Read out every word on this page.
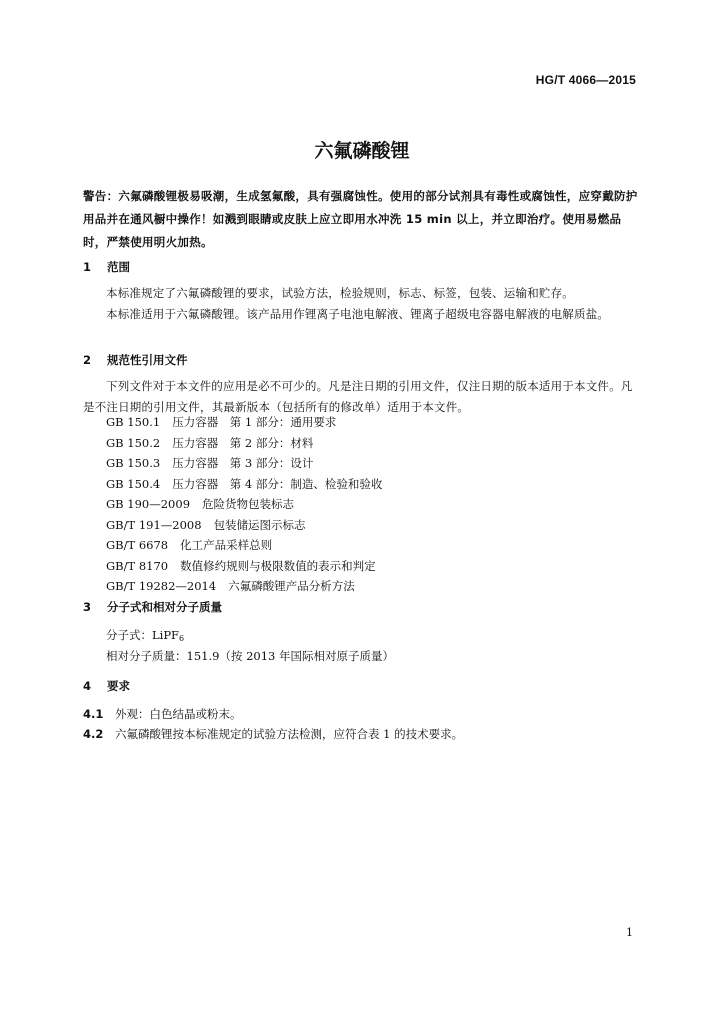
HG/T 4066—2015
六氟磷酸锂
警告：六氟磷酸锂极易吸潮，生成氢氟酸，具有强腐蚀性。使用的部分试剂具有毒性或腐蚀性，应穿戴防护用品并在通风橱中操作！如溅到眼睛或皮肤上应立即用水冲洗 15 min 以上，并立即治疗。使用易燃品时，严禁使用明火加热。
1 范围
本标准规定了六氟磷酸锂的要求，试验方法，检验规则，标志、标签，包装、运输和贮存。
本标准适用于六氟磷酸锂。该产品用作锂离子电池电解液、锂离子超级电容器电解液的电解质盐。
2 规范性引用文件
下列文件对于本文件的应用是必不可少的。凡是注日期的引用文件，仅注日期的版本适用于本文件。凡是不注日期的引用文件，其最新版本（包括所有的修改单）适用于本文件。
GB 150.1 压力容器　第 1 部分：通用要求
GB 150.2 压力容器　第 2 部分：材料
GB 150.3 压力容器　第 3 部分：设计
GB 150.4 压力容器　第 4 部分：制造、检验和验收
GB 190—2009 危险货物包装标志
GB/T 191—2008 包装储运图示标志
GB/T 6678 化工产品采样总则
GB/T 8170 数值修约规则与极限数值的表示和判定
GB/T 19282—2014 六氟磷酸锂产品分析方法
3 分子式和相对分子质量
分子式：LiPF$_6$
相对分子质量：151.9（按 2013 年国际相对原子质量）
4 要求
4.1 外观：白色结晶或粉末。
4.2 六氟磷酸锂按本标准规定的试验方法检测，应符合表 1 的技术要求。
1
